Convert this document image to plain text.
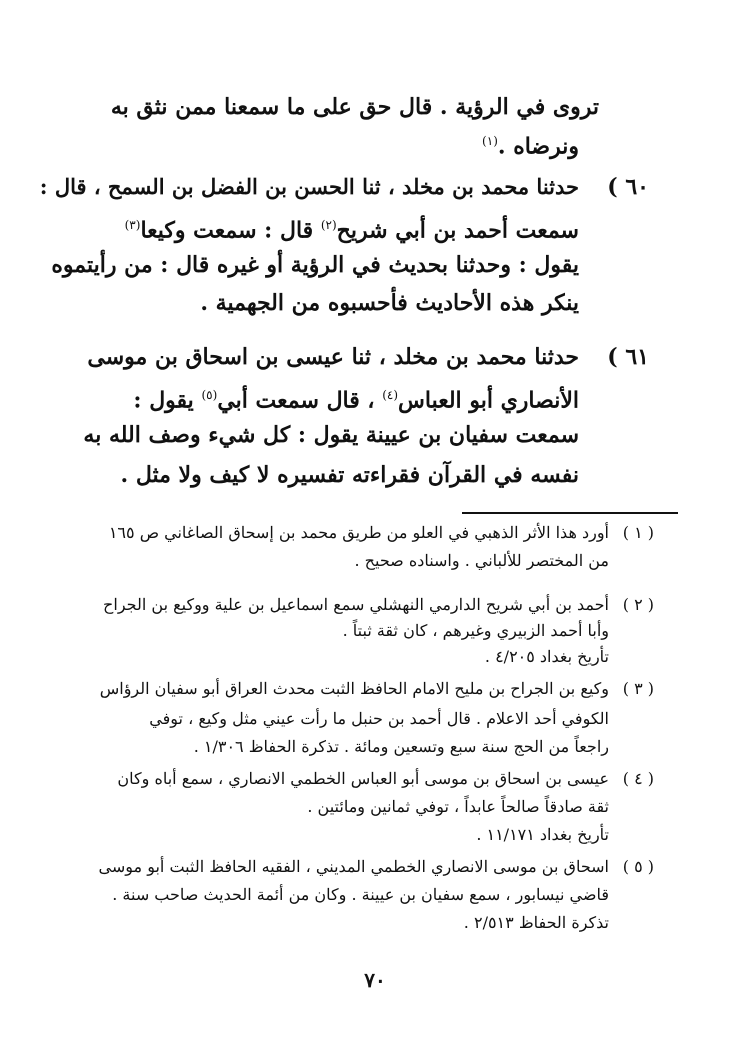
تروى في الرؤية . قال حق على ما سمعنا ممن نثق به
ونرضاه .$^{(١)}$
٦٠ )
حدثنا محمد بن مخلد ، ثنا الحسن بن الفضل بن السمح ، قال :
سمعت أحمد بن أبي شريح$^{(٢)}$ قال : سمعت وكيعا$^{(٣)}$
يقول : وحدثنا بحديث في الرؤية أو غيره قال : من رأيتموه
ينكر هذه الأحاديث فأحسبوه من الجهمية .
٦١ )
حدثنا محمد بن مخلد ، ثنا عيسى بن اسحاق بن موسى
الأنصاري أبو العباس$^{(٤)}$ ، قال سمعت أبي$^{(٥)}$ يقول :
سمعت سفيان بن عيينة يقول : كل شيء وصف الله به
نفسه في القرآن فقراءته تفسيره لا كيف ولا مثل .
( ١ )
أورد هذا الأثر الذهبي في العلو من طريق محمد بن إسحاق الصاغاني ص ١٦٥
من المختصر للألباني . واسناده صحيح .
( ٢ )
أحمد بن أبي شريح الدارمي النهشلي سمع اسماعيل بن علية ووكيع بن الجراح
وأبا أحمد الزبيري وغيرهم ، كان ثقة ثبتاً .
تأريخ بغداد ٤/٢٠٥ .
( ٣ )
وكيع بن الجراح بن مليح الامام الحافظ الثبت محدث العراق أبو سفيان الرؤاس
الكوفي أحد الاعلام . قال أحمد بن حنبل ما رأت عيني مثل وكيع ، توفي
راجعاً من الحج سنة سبع وتسعين ومائة . تذكرة الحفاظ ١/٣٠٦ .
( ٤ )
عيسى بن اسحاق بن موسى أبو العباس الخطمي الانصاري ، سمع أباه وكان
ثقة صادقاً صالحاً عابداً ، توفي ثمانين ومائتين .
تأريخ بغداد ١١/١٧١ .
( ٥ )
اسحاق بن موسى الانصاري الخطمي المديني ، الفقيه الحافظ الثبت أبو موسى
قاضي نيسابور ، سمع سفيان بن عيينة . وكان من أئمة الحديث صاحب سنة .
تذكرة الحفاظ ٢/٥١٣ .
٧٠
